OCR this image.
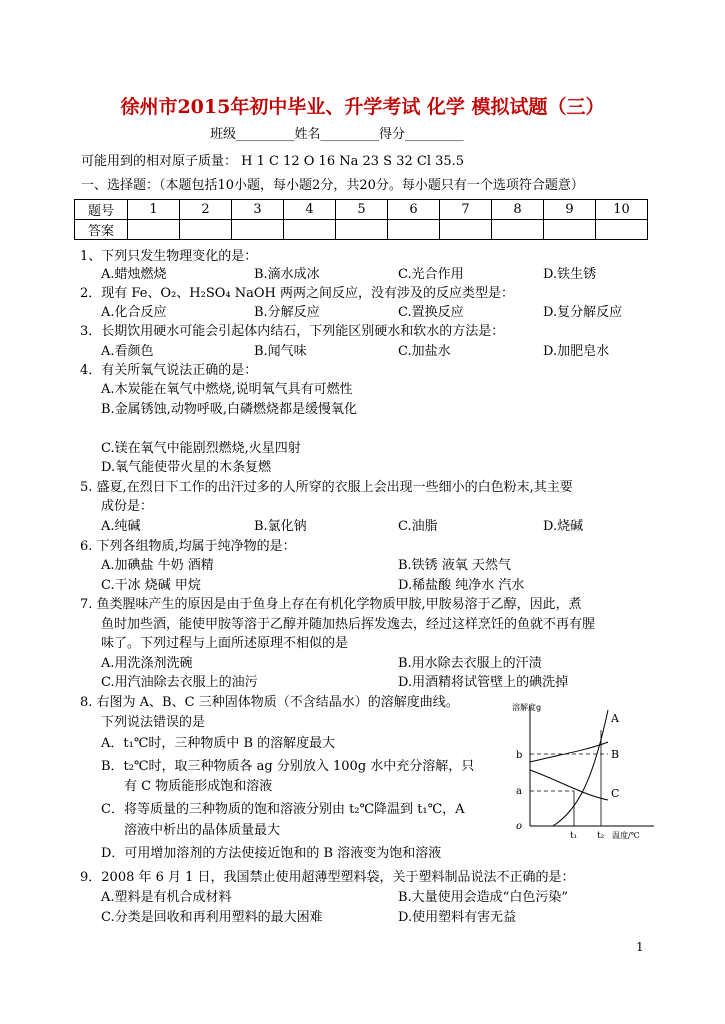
徐州市2015年初中毕业、升学考试 化学 模拟试题（三）
班级_________姓名_________得分_________
可能用到的相对原子质量： H 1 C 12 O 16 Na 23 S 32 Cl 35.5
一、选择题：（本题包括10小题，每小题2分，共20分。每小题只有一个选项符合题意）
题号	1	2	3	4	5	6	7	8	9	10
答案										
1、下列只发生物理变化的是：
A.蜡烛燃烧	B.滴水成冰	C.光合作用	D.铁生锈
2．现有 Fe、O₂、H₂SO₄ NaOH 两两之间反应，没有涉及的反应类型是：
A.化合反应	B.分解反应	C.置换反应	D.复分解反应
3．长期饮用硬水可能会引起体内结石，下列能区别硬水和软水的方法是：
A.看颜色	B.闻气味	C.加盐水	D.加肥皂水
4．有关所氧气说法正确的是：
A.木炭能在氧气中燃烧,说明氧气具有可燃性
B.金属锈蚀,动物呼吸,白磷燃烧都是缓慢氧化
C.镁在氧气中能剧烈燃烧,火星四射
D.氧气能使带火星的木条复燃
5. 盛夏,在烈日下工作的出汗过多的人所穿的衣服上会出现一些细小的白色粉末,其主要
成份是：
A.纯碱	B.氯化钠	C.油脂	D.烧碱
6. 下列各组物质,均属于纯净物的是：
A.加碘盐 牛奶 酒精	B.铁锈 液氧 天然气
C.干冰 烧碱 甲烷	D.稀盐酸 纯净水 汽水
7. 鱼类腥味产生的原因是由于鱼身上存在有机化学物质甲胺,甲胺易溶于乙醇，因此，煮
鱼时加些酒，能使甲胺等溶于乙醇并随加热后挥发逸去，经过这样烹饪的鱼就不再有腥
味了。下列过程与上面所述原理不相似的是
A.用洗涤剂洗碗	B.用水除去衣服上的汗渍
C.用汽油除去衣服上的油污	D.用酒精将试管壁上的碘洗掉
8. 右图为 A、B、C 三种固体物质（不含结晶水）的溶解度曲线。
下列说法错误的是
A．t₁℃时，三种物质中 B 的溶解度最大
B．t₂℃时，取三种物质各 ag 分别放入 100g 水中充分溶解，只
有 C 物质能形成饱和溶液
C．将等质量的三种物质的饱和溶液分别由 t₂℃降温到 t₁℃，A
溶液中析出的晶体质量最大
D．可用增加溶剂的方法使接近饱和的 B 溶液变为饱和溶液
溶解度g
A
B
C
b
a
o
t₁ t₂ 温度/℃
9．2008 年 6 月 1 日，我国禁止使用超薄型塑料袋，关于塑料制品说法不正确的是：
A.塑料是有机合成材料	B.大量使用会造成“白色污染”
C.分类是回收和再利用塑料的最大困难	D.使用塑料有害无益
1
